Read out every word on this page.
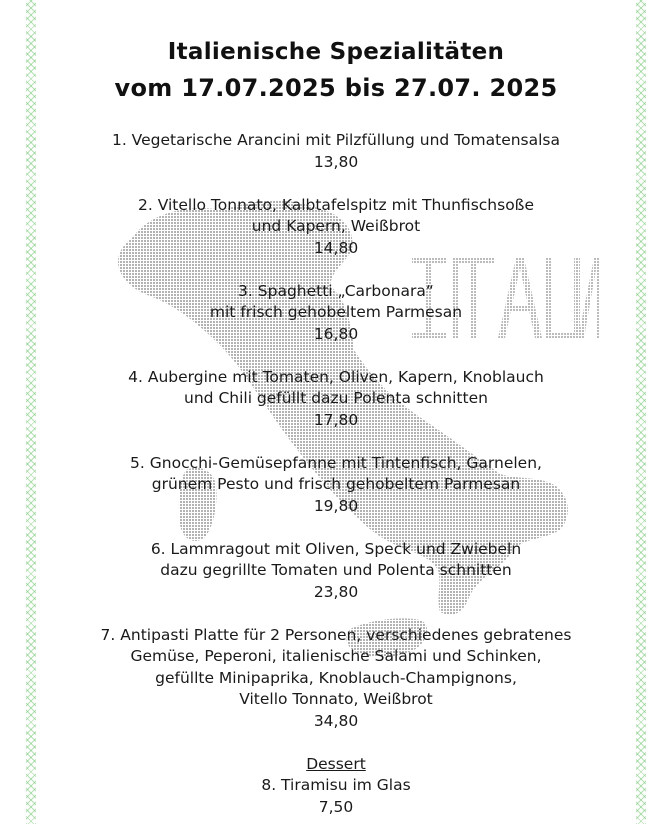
Italienische Spezialitäten
vom 17.07.2025 bis 27.07. 2025
1. Vegetarische Arancini mit Pilzfüllung und Tomatensalsa
13,80
2. Vitello Tonnato, Kalbtafelspitz mit Thunfischsoße
und Kapern, Weißbrot
14,80
3. Spaghetti „Carbonara“
mit frisch gehobeltem Parmesan
16,80
4. Aubergine mit Tomaten, Oliven, Kapern, Knoblauch
und Chili gefüllt dazu Polenta schnitten
17,80
5. Gnocchi-Gemüsepfanne mit Tintenfisch, Garnelen,
grünem Pesto und frisch gehobeltem Parmesan
19,80
6. Lammragout mit Oliven, Speck und Zwiebeln
dazu gegrillte Tomaten und Polenta schnitten
23,80
7. Antipasti Platte für 2 Personen, verschiedenes gebratenes
Gemüse, Peperoni, italienische Salami und Schinken,
gefüllte Minipaprika, Knoblauch-Champignons,
Vitello Tonnato, Weißbrot
34,80
Dessert
8. Tiramisu im Glas
7,50
